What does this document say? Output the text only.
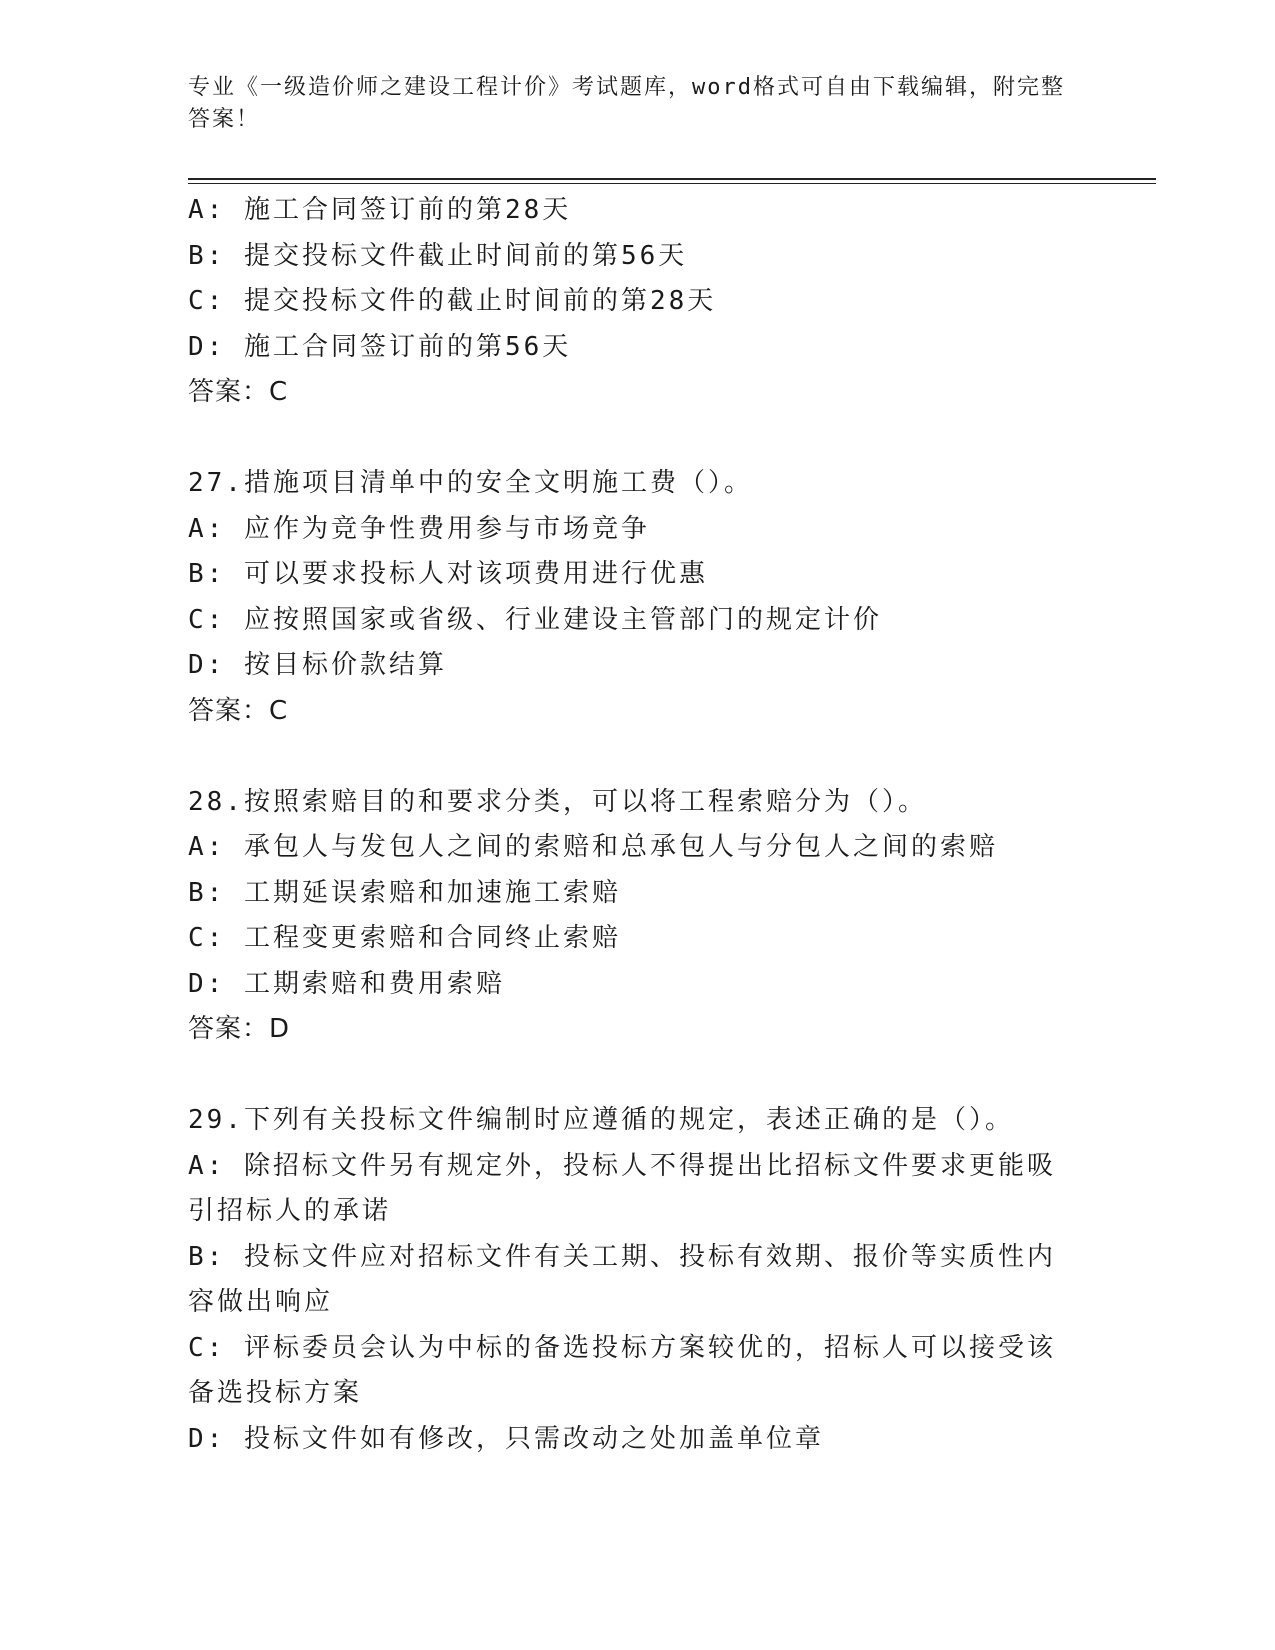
专业《一级造价师之建设工程计价》考试题库，word格式可自由下载编辑，附完整答案！

A: 施工合同签订前的第28天

B: 提交投标文件截止时间前的第56天

C: 提交投标文件的截止时间前的第28天

D: 施工合同签订前的第56天

答案：C

27.措施项目清单中的安全文明施工费（）。

A: 应作为竞争性费用参与市场竞争

B: 可以要求投标人对该项费用进行优惠

C: 应按照国家或省级、行业建设主管部门的规定计价

D: 按目标价款结算

答案：C

28.按照索赔目的和要求分类，可以将工程索赔分为（）。

A: 承包人与发包人之间的索赔和总承包人与分包人之间的索赔

B: 工期延误索赔和加速施工索赔

C: 工程变更索赔和合同终止索赔

D: 工期索赔和费用索赔

答案：D

29.下列有关投标文件编制时应遵循的规定，表述正确的是（）。

A: 除招标文件另有规定外，投标人不得提出比招标文件要求更能吸引招标人的承诺

B: 投标文件应对招标文件有关工期、投标有效期、报价等实质性内容做出响应

C: 评标委员会认为中标的备选投标方案较优的，招标人可以接受该备选投标方案

D: 投标文件如有修改，只需改动之处加盖单位章
